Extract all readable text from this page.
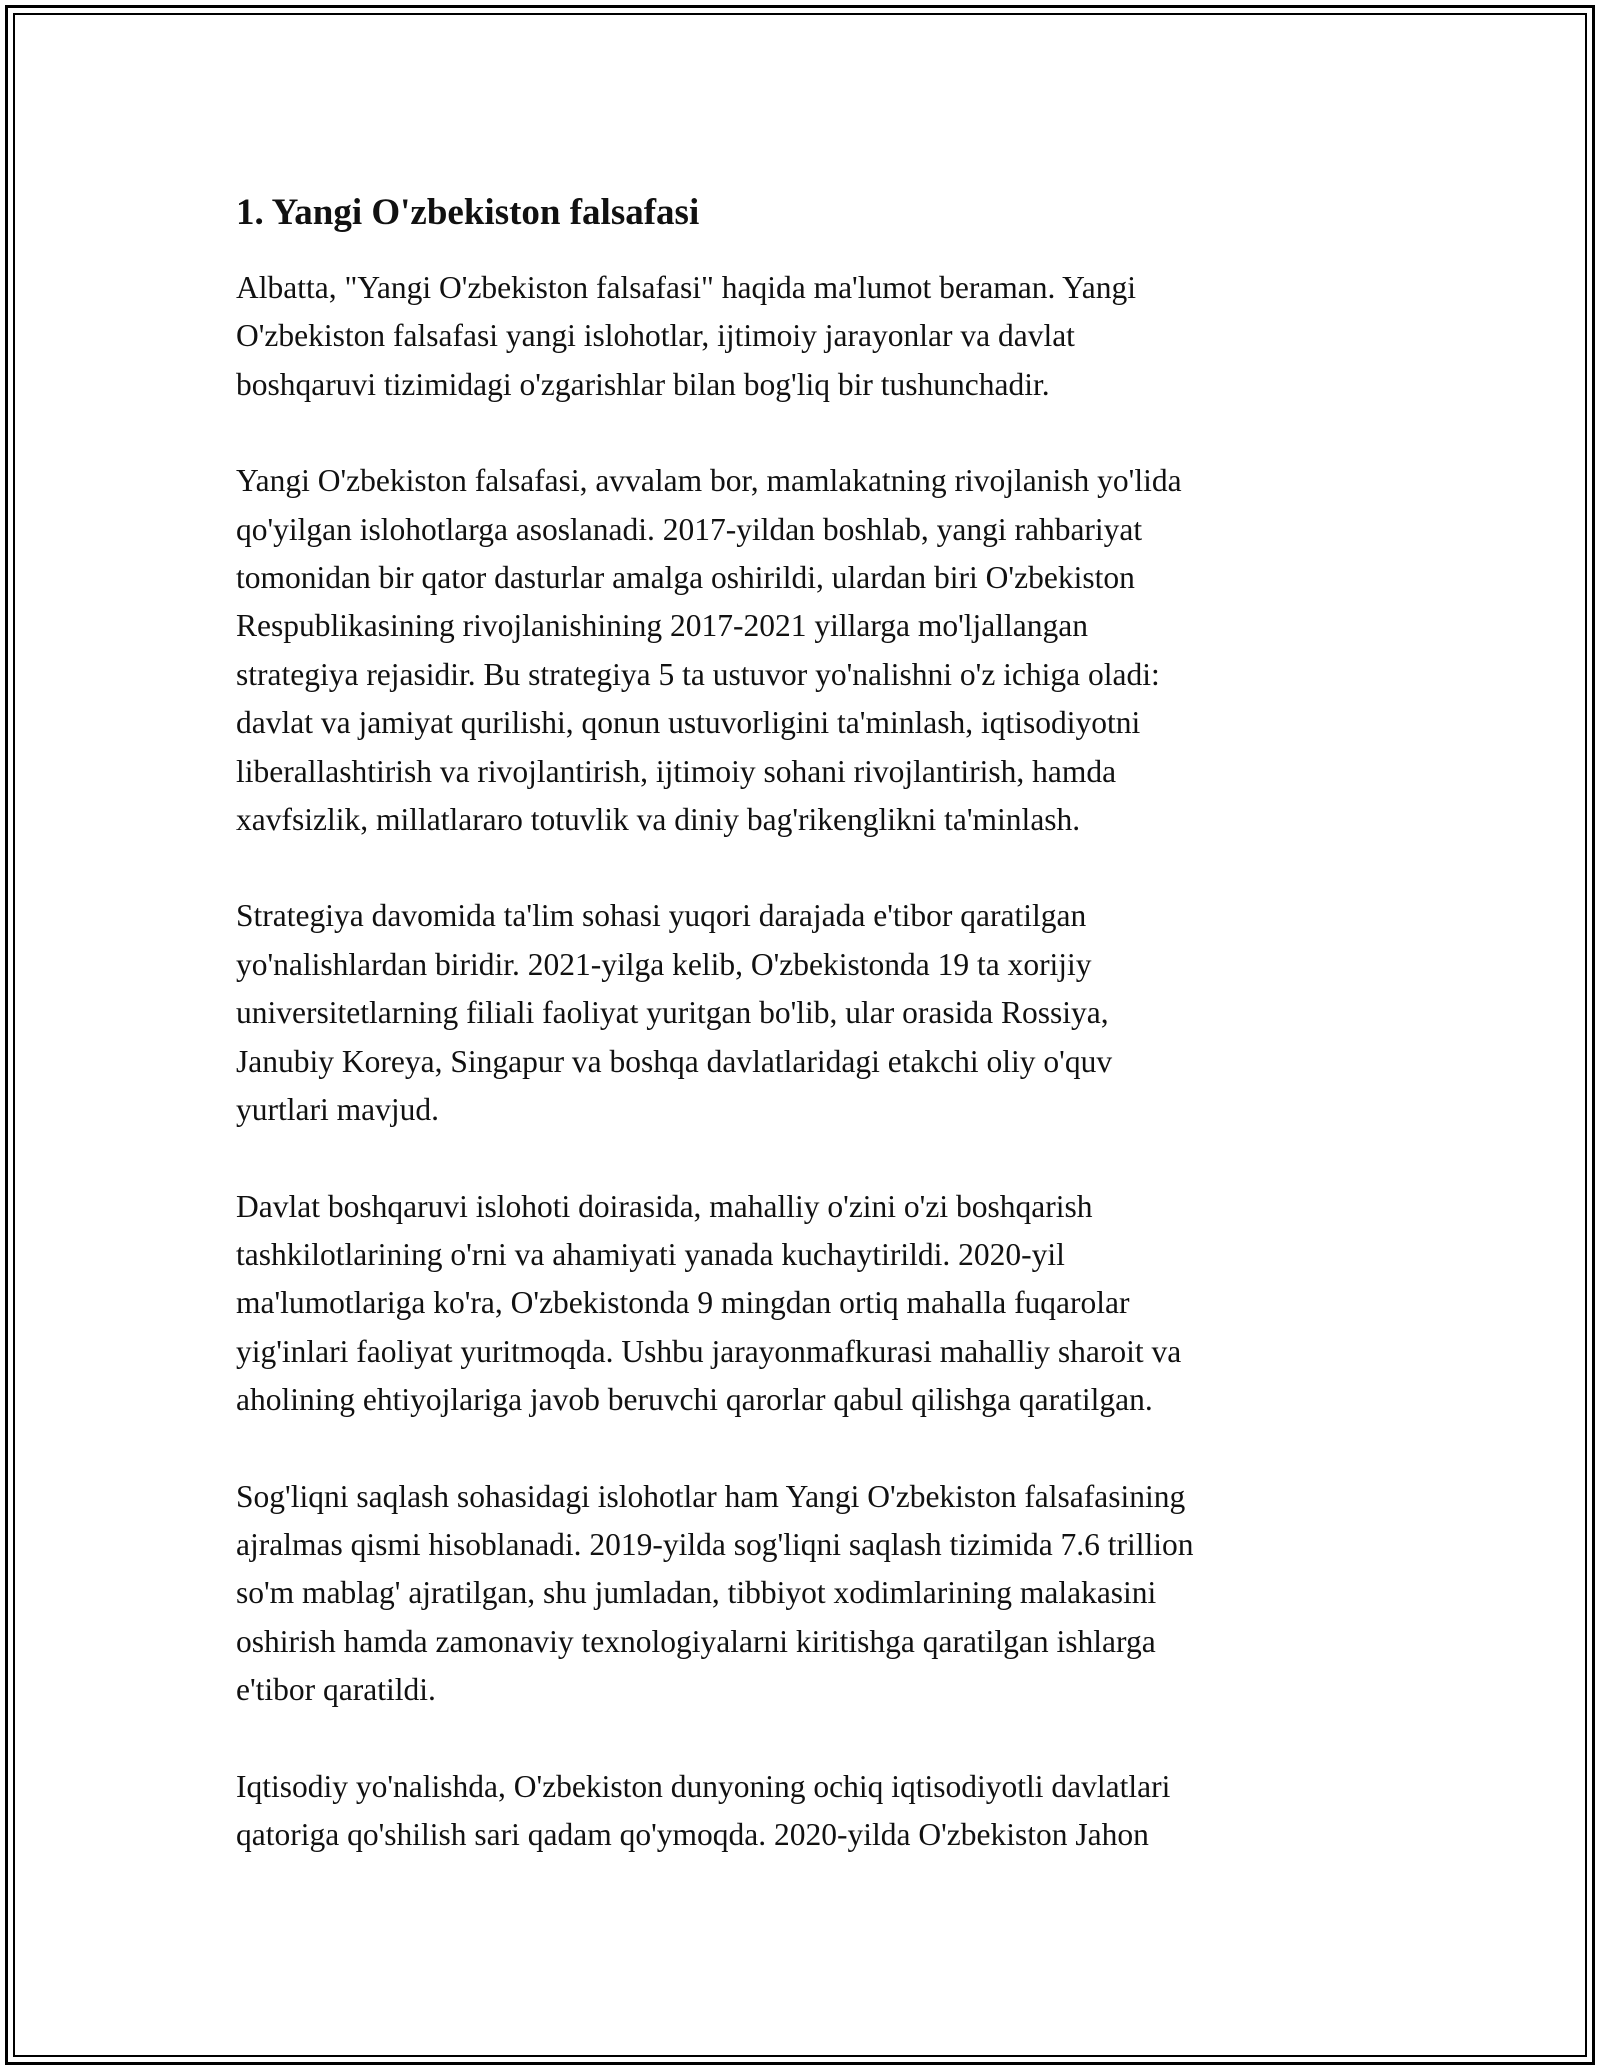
1. Yangi O'zbekiston falsafasi

Albatta, "Yangi O'zbekiston falsafasi" haqida ma'lumot beraman. Yangi
O'zbekiston falsafasi yangi islohotlar, ijtimoiy jarayonlar va davlat
boshqaruvi tizimidagi o'zgarishlar bilan bog'liq bir tushunchadir.

Yangi O'zbekiston falsafasi, avvalam bor, mamlakatning rivojlanish yo'lida
qo'yilgan islohotlarga asoslanadi. 2017-yildan boshlab, yangi rahbariyat
tomonidan bir qator dasturlar amalga oshirildi, ulardan biri O'zbekiston
Respublikasining rivojlanishining 2017-2021 yillarga mo'ljallangan
strategiya rejasidir. Bu strategiya 5 ta ustuvor yo'nalishni o'z ichiga oladi:
davlat va jamiyat qurilishi, qonun ustuvorligini ta'minlash, iqtisodiyotni
liberallashtirish va rivojlantirish, ijtimoiy sohani rivojlantirish, hamda
xavfsizlik, millatlararo totuvlik va diniy bag'rikenglikni ta'minlash.

Strategiya davomida ta'lim sohasi yuqori darajada e'tibor qaratilgan
yo'nalishlardan biridir. 2021-yilga kelib, O'zbekistonda 19 ta xorijiy
universitetlarning filiali faoliyat yuritgan bo'lib, ular orasida Rossiya,
Janubiy Koreya, Singapur va boshqa davlatlaridagi etakchi oliy o'quv
yurtlari mavjud.

Davlat boshqaruvi islohoti doirasida, mahalliy o'zini o'zi boshqarish
tashkilotlarining o'rni va ahamiyati yanada kuchaytirildi. 2020-yil
ma'lumotlariga ko'ra, O'zbekistonda 9 mingdan ortiq mahalla fuqarolar
yig'inlari faoliyat yuritmoqda. Ushbu jarayonmafkurasi mahalliy sharoit va
aholining ehtiyojlariga javob beruvchi qarorlar qabul qilishga qaratilgan.

Sog'liqni saqlash sohasidagi islohotlar ham Yangi O'zbekiston falsafasining
ajralmas qismi hisoblanadi. 2019-yilda sog'liqni saqlash tizimida 7.6 trillion
so'm mablag' ajratilgan, shu jumladan, tibbiyot xodimlarining malakasini
oshirish hamda zamonaviy texnologiyalarni kiritishga qaratilgan ishlarga
e'tibor qaratildi.

Iqtisodiy yo'nalishda, O'zbekiston dunyoning ochiq iqtisodiyotli davlatlari
qatoriga qo'shilish sari qadam qo'ymoqda. 2020-yilda O'zbekiston Jahon
